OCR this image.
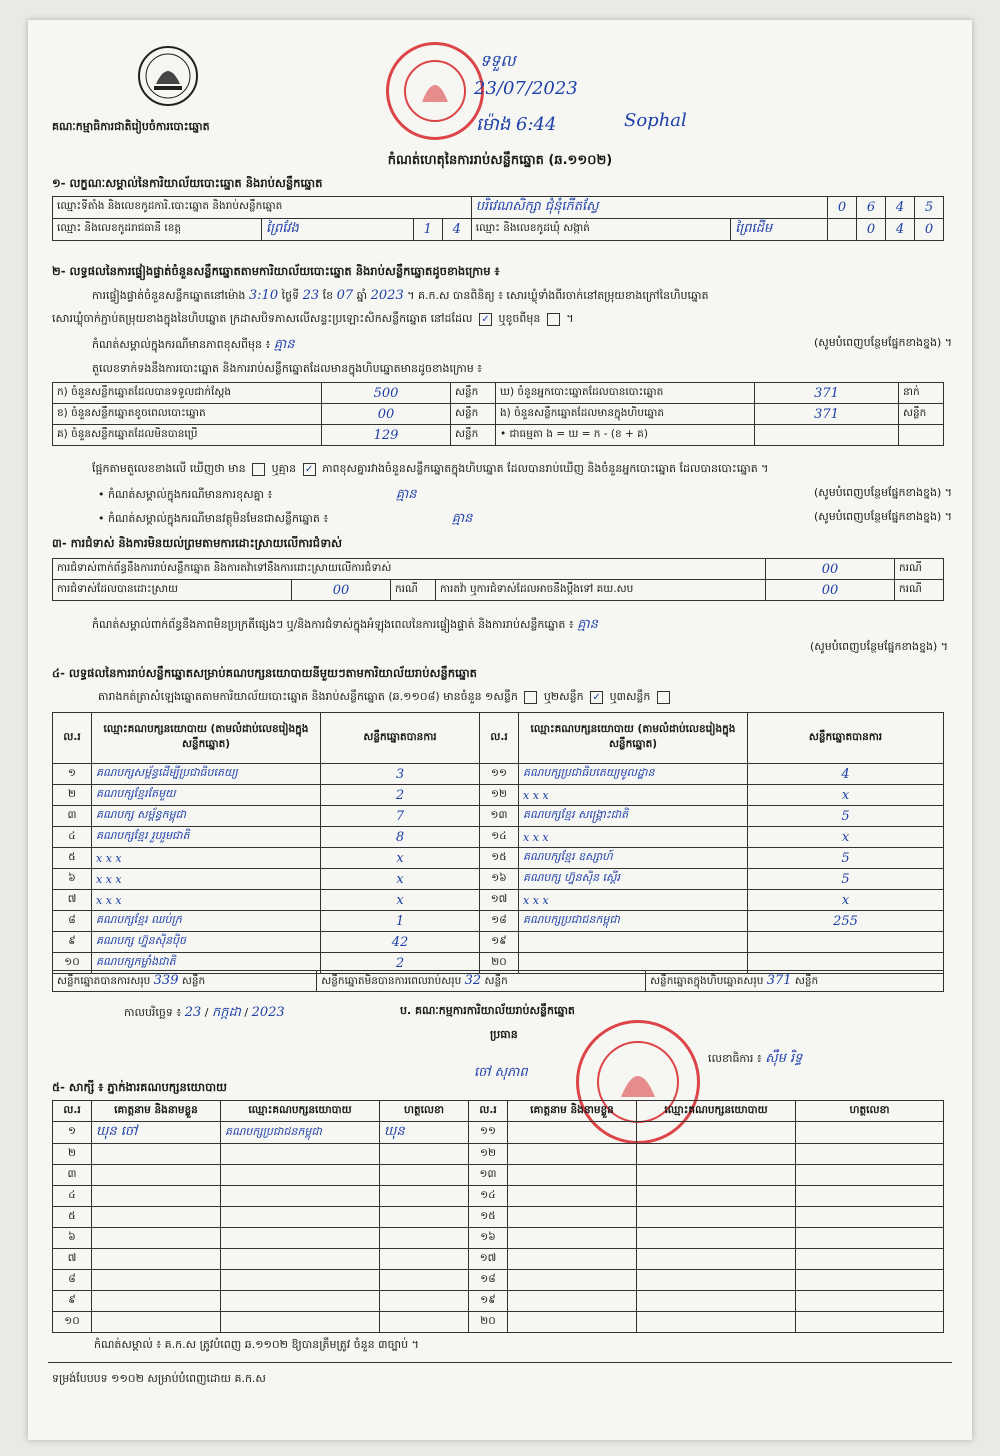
គណៈកម្មាធិការជាតិរៀបចំការបោះឆ្នោត
ទទួល
23/07/2023
ម៉ោង 6:44	Sophal
កំណត់ហេតុនៃការរាប់សន្លឹកឆ្នោត (ឆ.១១០២)
១- លក្ខណៈសម្គាល់នៃការិយាល័យបោះឆ្នោត និងរាប់សន្លឹកឆ្នោត
ឈ្មោះទីតាំង និងលេខកូដការិ.បោះឆ្នោត និងរាប់សន្លឹកឆ្នោត				បរិវេណសិក្សា ជុំនុំកើតស្វែ		0	6	4	5
ឈ្មោះ និងលេខកូដរាជធានី ខេត្ត	ព្រៃវែង	1	4	ឈ្មោះ និងលេខកូដឃុំ សង្កាត់	ព្រៃដើម		0	4	0
២- លទ្ធផលនៃការផ្ទៀងផ្ទាត់ចំនួនសន្លឹកឆ្នោតតាមការិយាល័យបោះឆ្នោត និងរាប់សន្លឹកឆ្នោតដូចខាងក្រោម ៖
ការផ្ទៀងផ្ទាត់ចំនួនសន្លឹកឆ្នោតនៅម៉ោង 3:10 ថ្ងៃទី 23 ខែ 07 ឆ្នាំ 2023 ។ គ.ក.ស បានពិនិត្យ ៖ សោរឃ្លុំទាំងពីរចាក់នៅតម្រុយខាងក្រៅនៃហិបឆ្នោត
សោរឃ្លុំចាក់ភ្ជាប់តម្រុយខាងក្នុងនៃហិបឆ្នោត ក្រដាសបិទភាសលើសន្ទះប្រឡោះសិកសន្លឹកឆ្នោត នៅដដែល ✓ ឬខូចពីមុន ។
កំណត់សម្គាល់ក្នុងករណីមានភាពខុសពីមុន ៖ គ្មាន	(សូមបំពេញបន្ថែមផ្នែកខាងខ្នង) ។
តួលេខទាក់ទងនឹងការបោះឆ្នោត និងការរាប់សន្លឹកឆ្នោតដែលមានក្នុងហិបឆ្នោតមានដូចខាងក្រោម ៖
ក) ចំនួនសន្លឹកឆ្នោតដែលបានទទួលជាក់ស្តែង	500	សន្លឹក	ឃ) ចំនួនអ្នកបោះឆ្នោតដែលបានបោះឆ្នោត	371	នាក់
ខ) ចំនួនសន្លឹកឆ្នោតខូចពេលបោះឆ្នោត	00	សន្លឹក	ង) ចំនួនសន្លឹកឆ្នោតដែលមានក្នុងហិបឆ្នោត	371	សន្លឹក
គ) ចំនួនសន្លឹកឆ្នោតដែលមិនបានប្រើ	129	សន្លឹក	• ជាធម្មតា ង = ឃ = ក - (ខ + គ)		
ផ្អែកតាមតួលេខខាងលើ ឃើញថា មាន ឬគ្មាន ✓ ភាពខុសគ្នារវាងចំនួនសន្លឹកឆ្នោតក្នុងហិបឆ្នោត ដែលបានរាប់ឃើញ និងចំនួនអ្នកបោះឆ្នោត ដែលបានបោះឆ្នោត ។
• កំណត់សម្គាល់ក្នុងករណីមានការខុសគ្នា ៖	គ្មាន	(សូមបំពេញបន្ថែមផ្នែកខាងខ្នង) ។
• កំណត់សម្គាល់ក្នុងករណីមានវត្ថុមិនមែនជាសន្លឹកឆ្នោត ៖	គ្មាន	(សូមបំពេញបន្ថែមផ្នែកខាងខ្នង) ។
៣- ការជំទាស់ និងការមិនយល់ព្រមតាមការដោះស្រាយលើការជំទាស់
ការជំទាស់ពាក់ព័ន្ធនឹងការរាប់សន្លឹកឆ្នោត និងការតវ៉ាទៅនឹងការដោះស្រាយលើការជំទាស់				00	ករណី
ការជំទាស់ដែលបានដោះស្រាយ	00	ករណី	ការតវ៉ា ឬការជំទាស់ដែលអាចនឹងប្តឹងទៅ គឃ.សប	00	ករណី
កំណត់សម្គាល់ពាក់ព័ន្ធនឹងភាពមិនប្រក្រតីផ្សេងៗ ឬ/និងការជំទាស់ក្នុងអំឡុងពេលនៃការផ្ទៀងផ្ទាត់ និងការរាប់សន្លឹកឆ្នោត ៖ គ្មាន
(សូមបំពេញបន្ថែមផ្នែកខាងខ្នង) ។
៤- លទ្ធផលនៃការរាប់សន្លឹកឆ្នោតសម្រាប់គណបក្សនយោបាយនីមួយៗតាមការិយាល័យរាប់សន្លឹកឆ្នោត
តារាងកត់ត្រាសំឡេងឆ្នោតតាមការិយាល័យបោះឆ្នោត និងរាប់សន្លឹកឆ្នោត (ឆ.១១០៨) មានចំនួន ១សន្លឹក ឬ២សន្លឹក ✓ ឬ៣សន្លឹក
ល.រ	ឈ្មោះគណបក្សនយោបាយ (តាមលំដាប់លេខរៀងក្នុងសន្លឹកឆ្នោត)	សន្លឹកឆ្នោតបានការ	ល.រ	ឈ្មោះគណបក្សនយោបាយ (តាមលំដាប់លេខរៀងក្នុងសន្លឹកឆ្នោត)	សន្លឹកឆ្នោតបានការ
១	គណបក្សសម្ព័ន្ធដើម្បីប្រជាធិបតេយ្យ	3	១១	គណបក្សប្រជាធិបតេយ្យមូលដ្ឋាន	4
២	គណបក្សខ្មែរតែមួយ	2	១២	x x x	x
៣	គណបក្ស សម្ព័ន្ធកម្ពុជា	7	១៣	គណបក្សខ្មែរ សង្គ្រោះជាតិ	5
៤	គណបក្សខ្មែរ រួបរួមជាតិ	8	១៤	x x x	x
៥	x x x	x	១៥	គណបក្សខ្មែរ ឧស្សាហ៍	5
៦	x x x	x	១៦	គណបក្ស ហ្វ៊ុនស៊ិន ស្ដើរ	5
៧	x x x	x	១៧	x x x	x
៨	គណបក្សខ្មែរ ឈប់ក្រ	1	១៨	គណបក្សប្រជាជនកម្ពុជា	255
៩	គណបក្ស ហ្វ៊ុនស៊ិនប៉ិច	42	១៩		
១០	គណបក្សកម្លាំងជាតិ	2	២០		
សន្លឹកឆ្នោតបានការសរុប 339 សន្លឹក	សន្លឹកឆ្នោតមិនបានការពេលរាប់សរុប 32 សន្លឹក	សន្លឹកឆ្នោតក្នុងហិបឆ្នោតសរុប 371 សន្លឹក
កាលបរិច្ឆេទ ៖ 23 / កក្កដា / 2023	ប. គណៈកម្មការការិយាល័យរាប់សន្លឹកឆ្នោត
ប្រធាន
ចៅ សុភាព
លេខាធិការ ៖ ស៊ឹម រិទ្ធ
៥- សាក្សី ៖ ភ្នាក់ងារគណបក្សនយោបាយ
ល.រ	គោត្តនាម និងនាមខ្លួន	ឈ្មោះគណបក្សនយោបាយ	ហត្ថលេខា	ល.រ	គោត្តនាម និងនាមខ្លួន	ឈ្មោះគណបក្សនយោបាយ	ហត្ថលេខា
១	ឃុន ចៅ	គណបក្សប្រជាជនកម្ពុជា	ឃុន	១១			
២				១២			
៣				១៣			
៤				១៤			
៥				១៥			
៦				១៦			
៧				១៧			
៨				១៨			
៩				១៩			
១០				២០			
កំណត់សម្គាល់ ៖ គ.ក.ស ត្រូវបំពេញ ឆ.១១០២ ឱ្យបានត្រឹមត្រូវ ចំនួន ៣ច្បាប់ ។
ទម្រង់បែបបទ ១១០២ សម្រាប់បំពេញដោយ គ.ក.ស
